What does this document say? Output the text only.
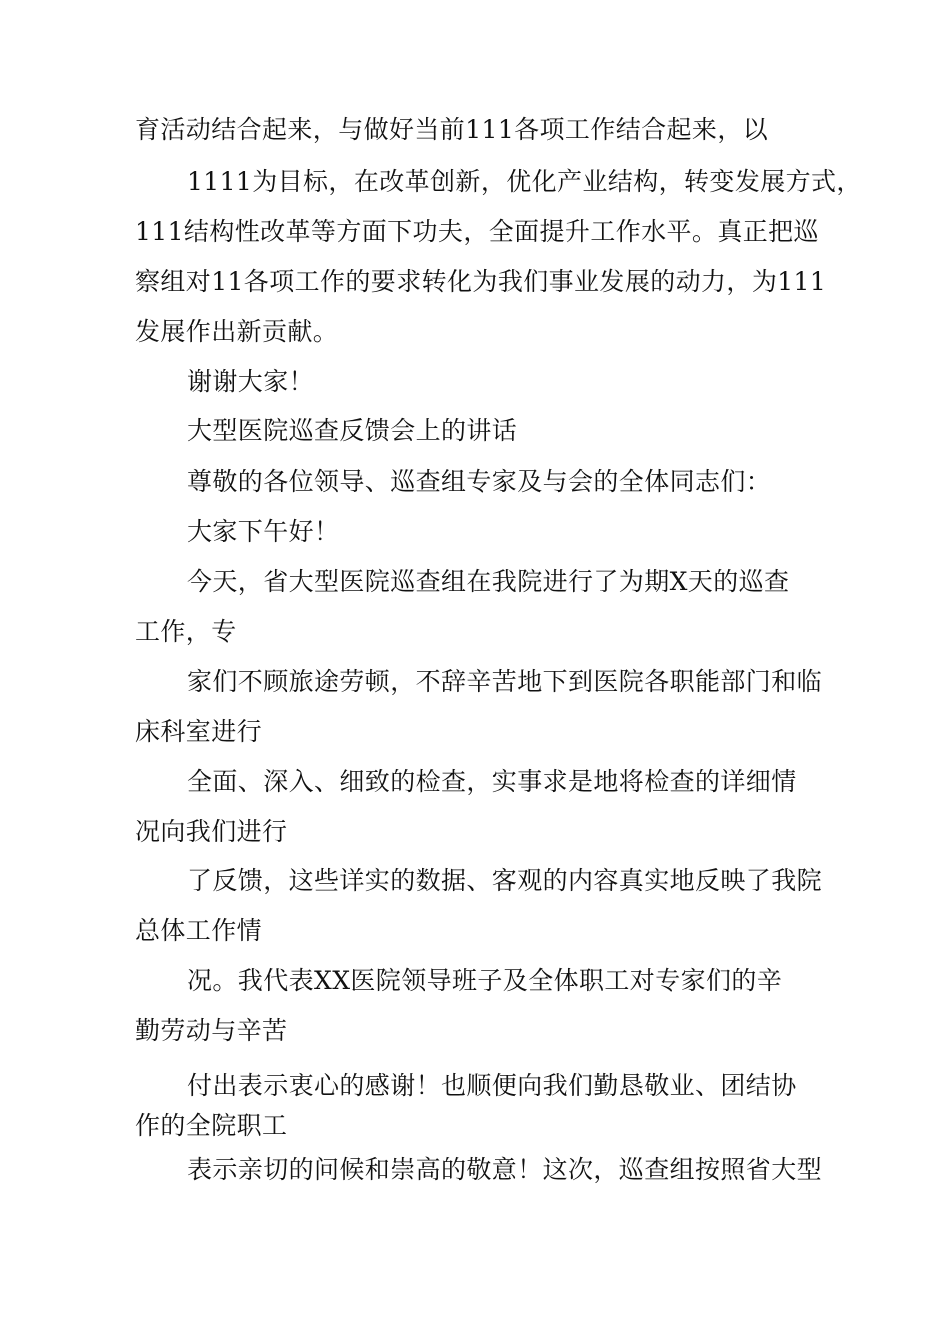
育活动结合起来，与做好当前111各项工作结合起来，以
1111为目标，在改革创新，优化产业结构，转变发展方式，
111结构性改革等方面下功夫，全面提升工作水平。真正把巡
察组对11各项工作的要求转化为我们事业发展的动力，为111
发展作出新贡献。
谢谢大家！
大型医院巡查反馈会上的讲话
尊敬的各位领导、巡查组专家及与会的全体同志们：
大家下午好！
今天，省大型医院巡查组在我院进行了为期X天的巡查
工作，专
家们不顾旅途劳顿，不辞辛苦地下到医院各职能部门和临
床科室进行
全面、深入、细致的检查，实事求是地将检查的详细情
况向我们进行
了反馈，这些详实的数据、客观的内容真实地反映了我院
总体工作情
况。我代表XX医院领导班子及全体职工对专家们的辛
勤劳动与辛苦
付出表示衷心的感谢！也顺便向我们勤恳敬业、团结协
作的全院职工
表示亲切的问候和崇高的敬意！这次，巡查组按照省大型
